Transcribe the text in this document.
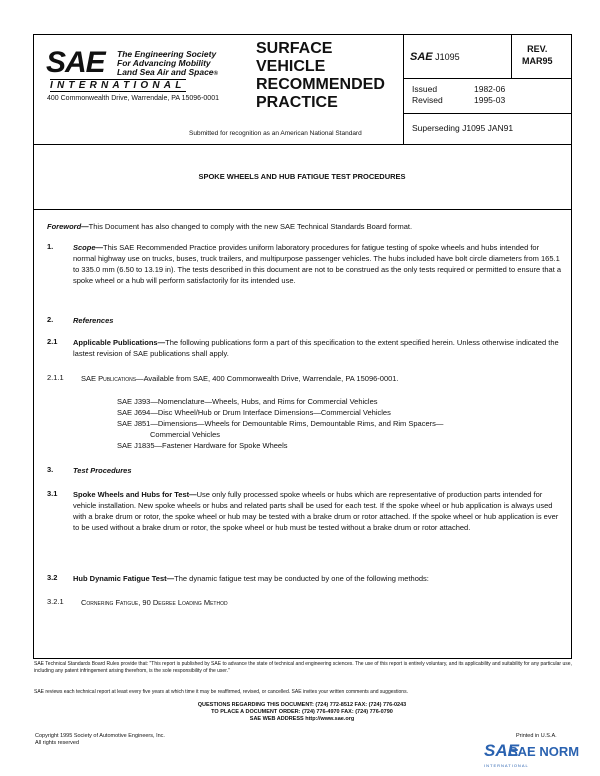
SAE The Engineering Society
For Advancing Mobility
Land Sea Air and Space®
INTERNATIONAL
400 Commonwealth Drive, Warrendale, PA 15096-0001
SURFACE
VEHICLE
RECOMMENDED
PRACTICE
Submitted for recognition as an American National Standard
SAE J1095
REV.
MAR95
Issued	1982-06
Revised	1995-03
Superseding J1095 JAN91
SPOKE WHEELS AND HUB FATIGUE TEST PROCEDURES
Foreword—This Document has also changed to comply with the new SAE Technical Standards Board format.
1.	Scope—This SAE Recommended Practice provides uniform laboratory procedures for fatigue testing of spoke wheels and hubs intended for normal highway use on trucks, buses, truck trailers, and multipurpose passenger vehicles. The hubs included have bolt circle diameters from 165.1 to 335.0 mm (6.50 to 13.19 in). The tests described in this document are not to be construed as the only tests required or permitted to ensure that a spoke wheel or a hub will perform satisfactorily for its intended use.
2.	References
2.1 Applicable Publications—The following publications form a part of this specification to the extent specified herein. Unless otherwise indicated the lastest revision of SAE publications shall apply.
2.1.1 SAE Publications—Available from SAE, 400 Commonwealth Drive, Warrendale, PA 15096-0001.
SAE J393—Nomenclature—Wheels, Hubs, and Rims for Commercial Vehicles
SAE J694—Disc Wheel/Hub or Drum Interface Dimensions—Commercial Vehicles
SAE J851—Dimensions—Wheels for Demountable Rims, Demountable Rims, and Rim Spacers—
Commercial Vehicles
SAE J1835—Fastener Hardware for Spoke Wheels
3.	Test Procedures
3.1 Spoke Wheels and Hubs for Test—Use only fully processed spoke wheels or hubs which are representative of production parts intended for vehicle installation. New spoke wheels or hubs and related parts shall be used for each test. If the spoke wheel or hub application is always used with a brake drum or rotor, the spoke wheel or hub may be tested with a brake drum or rotor attached. If the spoke wheel or hub application is ever to be used without a brake drum or rotor, the spoke wheel or hub must be tested without a brake drum or rotor attached.
3.2 Hub Dynamic Fatigue Test—The dynamic fatigue test may be conducted by one of the following methods:
3.2.1 Cornering Fatigue, 90 Degree Loading Method
SAE Technical Standards Board Rules provide that: "This report is published by SAE to advance the state of technical and engineering sciences. The use of this report is entirely voluntary, and its applicability and suitability for any particular use, including any patent infringement arising therefrom, is the sole responsibility of the user."
SAE reviews each technical report at least every five years at which time it may be reaffirmed, revised, or cancelled. SAE invites your written comments and suggestions.
QUESTIONS REGARDING THIS DOCUMENT: (724) 772-8512 FAX: (724) 776-0243
TO PLACE A DOCUMENT ORDER: (724) 776-4970 FAX: (724) 776-0790
SAE WEB ADDRESS http://www.sae.org
Copyright 1995 Society of Automotive Engineers, Inc.
All rights reserved
Printed in U.S.A.
SAE
SAE NORM
INTERNATIONAL
